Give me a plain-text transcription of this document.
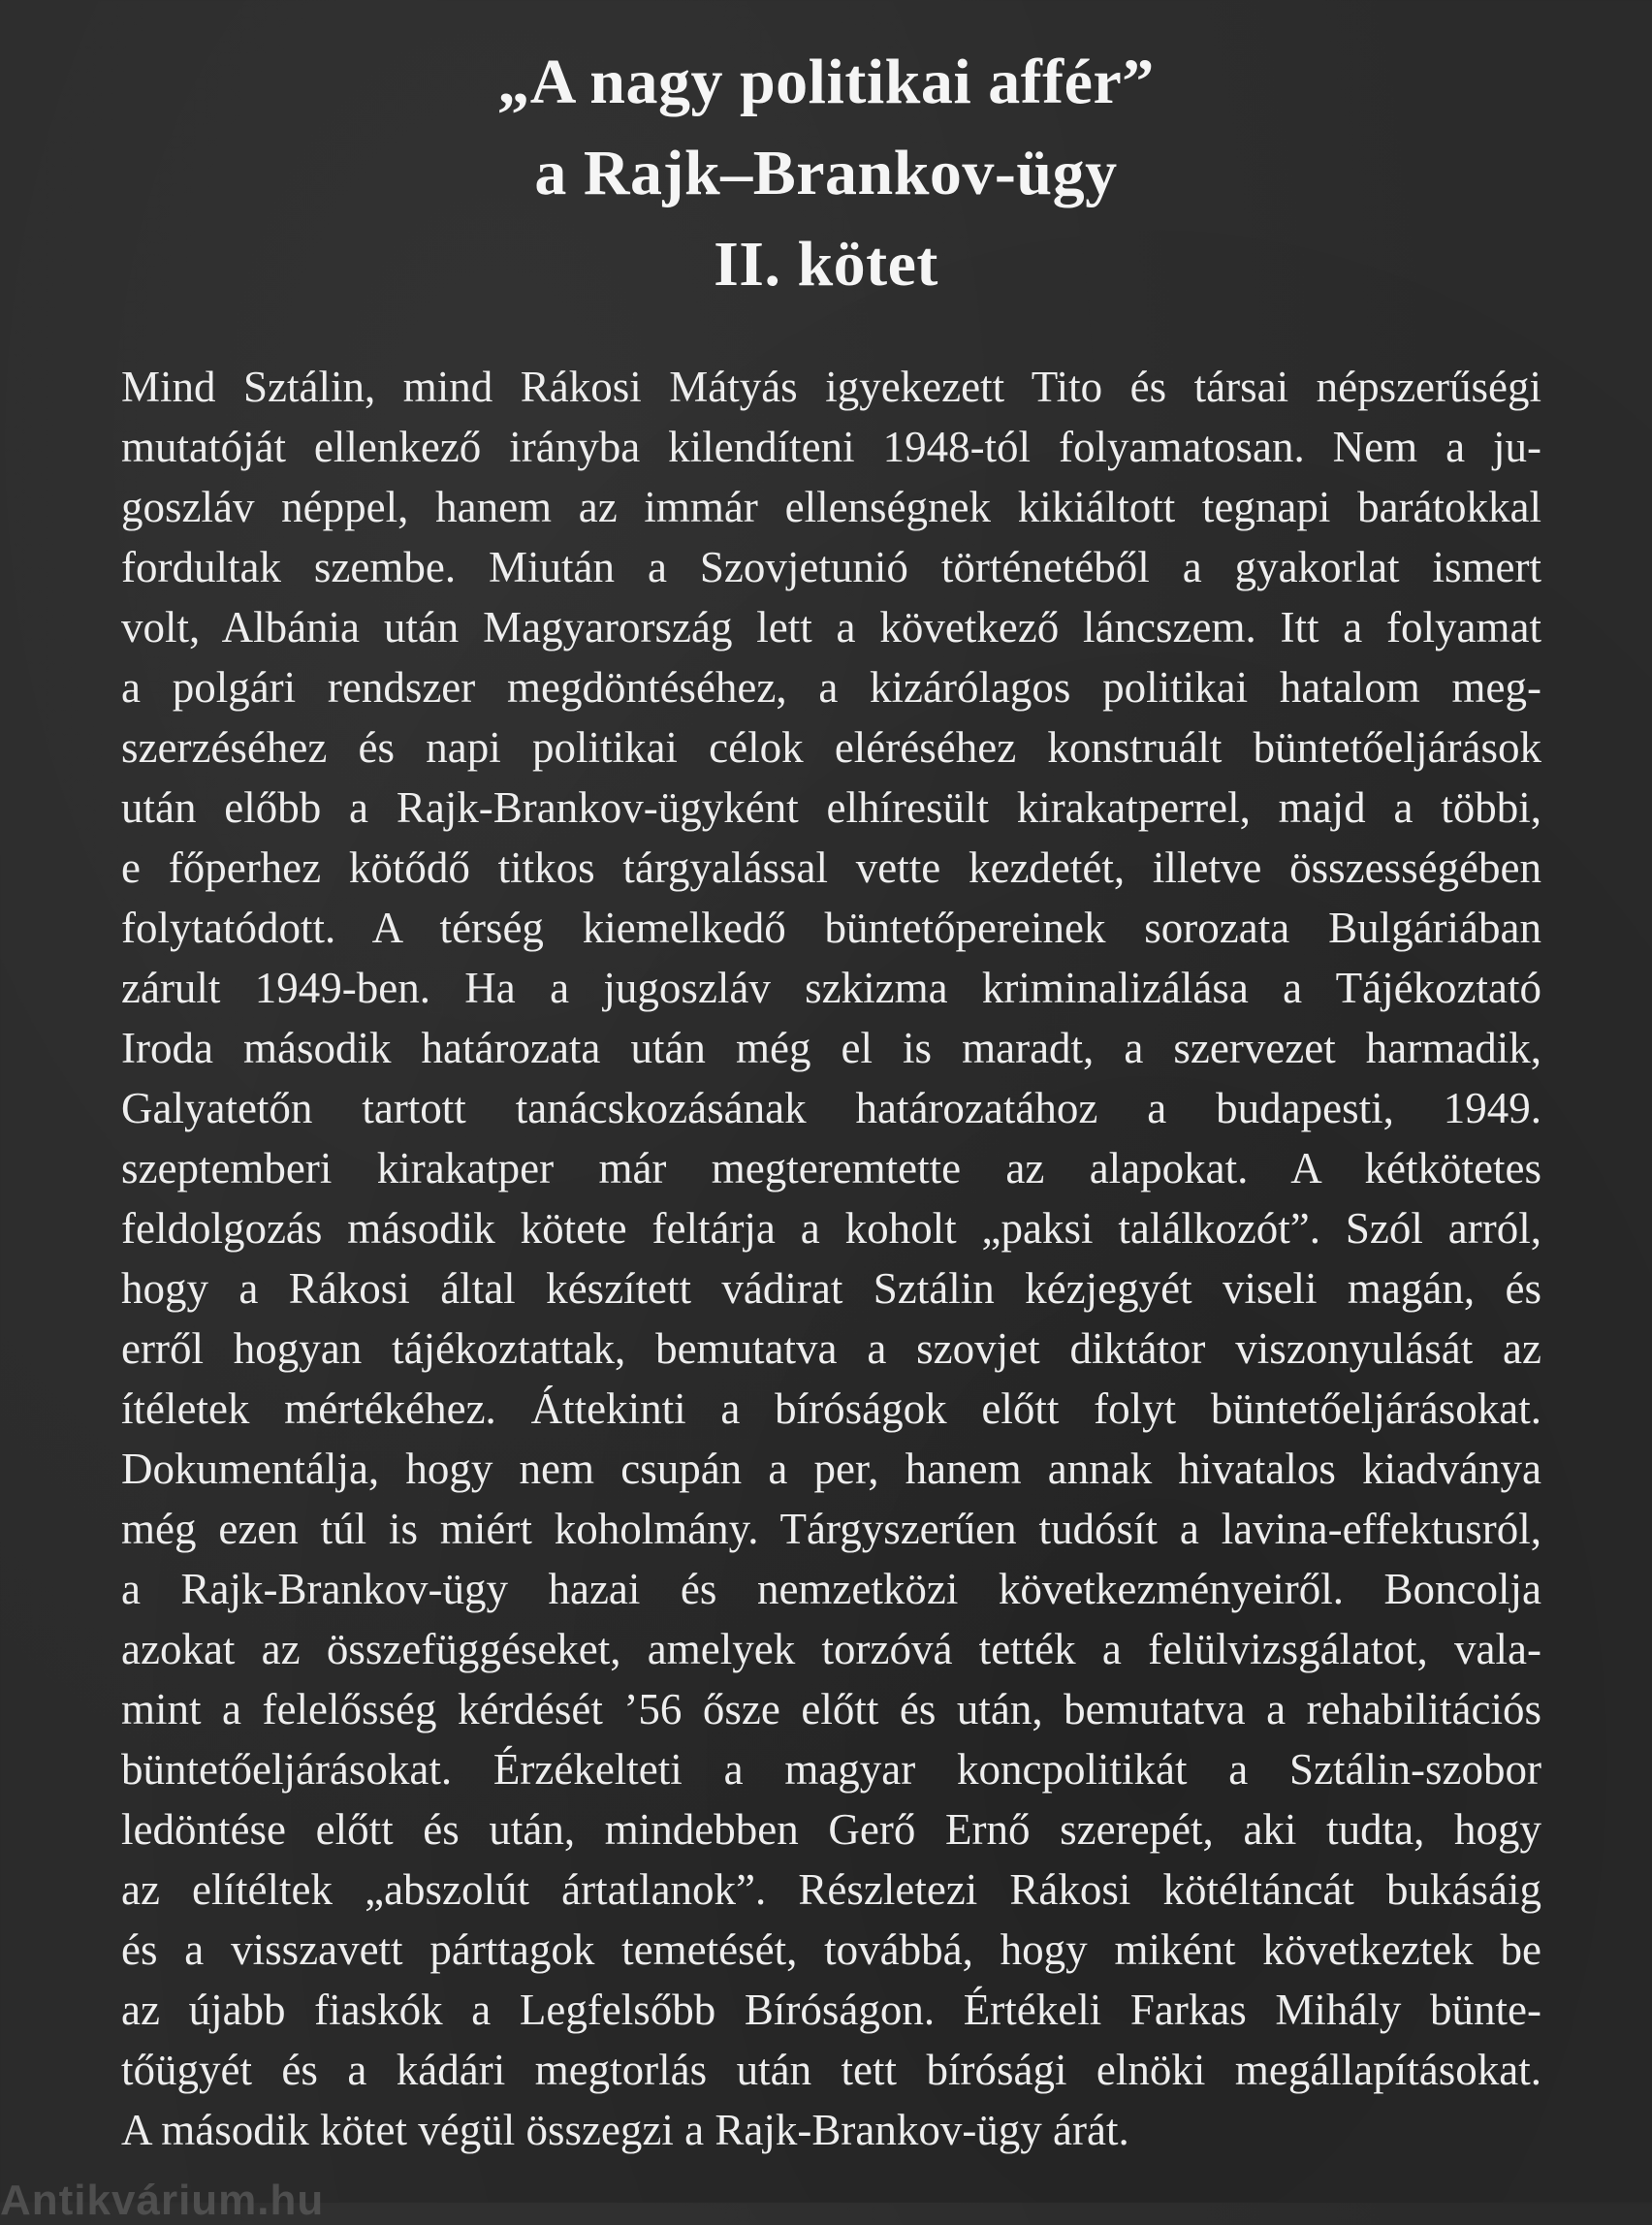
„A nagy politikai affér”
a Rajk–Brankov-ügy
II. kötet
Mind Sztálin, mind Rákosi Mátyás igyekezett Tito és társai népszerűségi
mutatóját ellenkező irányba kilendíteni 1948-tól folyamatosan. Nem a ju-
goszláv néppel, hanem az immár ellenségnek kikiáltott tegnapi barátokkal
fordultak szembe. Miután a Szovjetunió történetéből a gyakorlat ismert
volt, Albánia után Magyarország lett a következő láncszem. Itt a folyamat
a polgári rendszer megdöntéséhez, a kizárólagos politikai hatalom meg-
szerzéséhez és napi politikai célok eléréséhez konstruált büntetőeljárások
után előbb a Rajk-Brankov-ügyként elhíresült kirakatperrel, majd a többi,
e főperhez kötődő titkos tárgyalással vette kezdetét, illetve összességében
folytatódott. A térség kiemelkedő büntetőpereinek sorozata Bulgáriában
zárult 1949-ben. Ha a jugoszláv szkizma kriminalizálása a Tájékoztató
Iroda második határozata után még el is maradt, a szervezet harmadik,
Galyatetőn tartott tanácskozásának határozatához a budapesti, 1949.
szeptemberi kirakatper már megteremtette az alapokat. A kétkötetes
feldolgozás második kötete feltárja a koholt „paksi találkozót”. Szól arról,
hogy a Rákosi által készített vádirat Sztálin kézjegyét viseli magán, és
erről hogyan tájékoztattak, bemutatva a szovjet diktátor viszonyulását az
ítéletek mértékéhez. Áttekinti a bíróságok előtt folyt büntetőeljárásokat.
Dokumentálja, hogy nem csupán a per, hanem annak hivatalos kiadványa
még ezen túl is miért koholmány. Tárgyszerűen tudósít a lavina-effektusról,
a Rajk-Brankov-ügy hazai és nemzetközi következményeiről. Boncolja
azokat az összefüggéseket, amelyek torzóvá tették a felülvizsgálatot, vala-
mint a felelősség kérdését ’56 ősze előtt és után, bemutatva a rehabilitációs
büntetőeljárásokat. Érzékelteti a magyar koncpolitikát a Sztálin-szobor
ledöntése előtt és után, mindebben Gerő Ernő szerepét, aki tudta, hogy
az elítéltek „abszolút ártatlanok”. Részletezi Rákosi kötéltáncát bukásáig
és a visszavett párttagok temetését, továbbá, hogy miként következtek be
az újabb fiaskók a Legfelsőbb Bíróságon. Értékeli Farkas Mihály bünte-
tőügyét és a kádári megtorlás után tett bírósági elnöki megállapításokat.
A második kötet végül összegzi a Rajk-Brankov-ügy árát.
Antikvárium.hu
